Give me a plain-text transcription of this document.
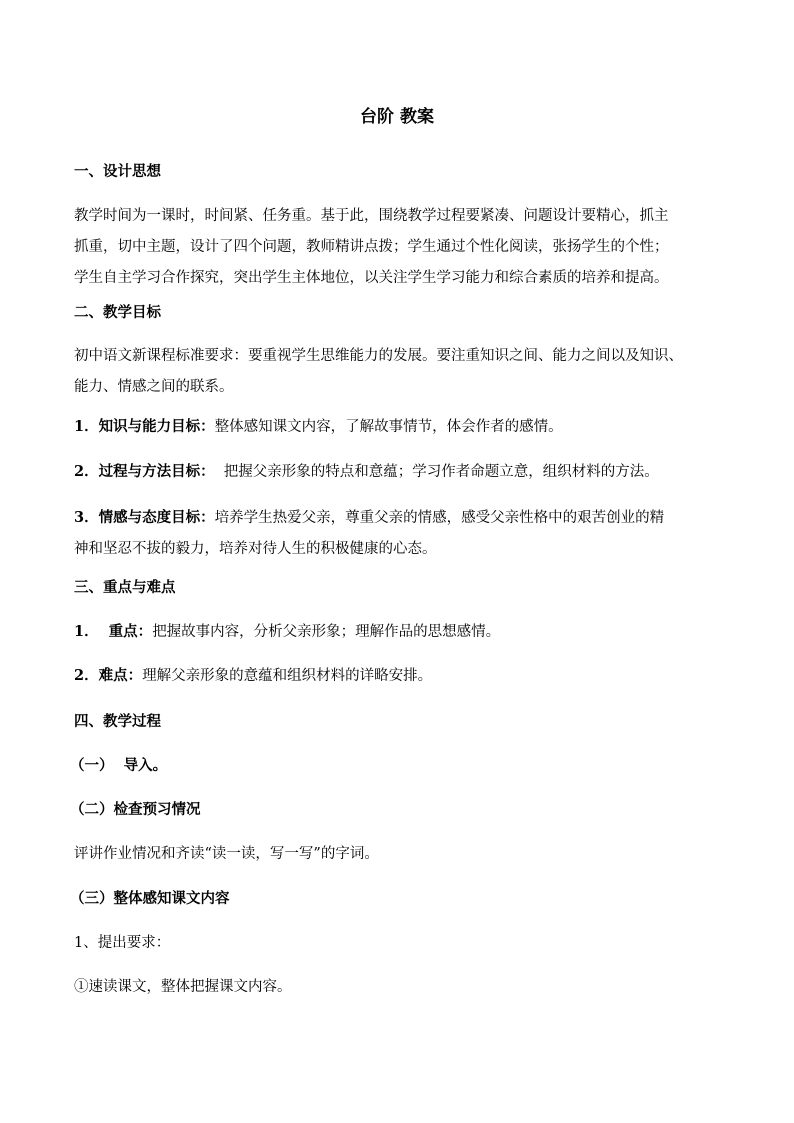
台阶 教案
一、设计思想
教学时间为一课时，时间紧、任务重。基于此，围绕教学过程要紧凑、问题设计要精心，抓主
抓重，切中主题，设计了四个问题，教师精讲点拨；学生通过个性化阅读，张扬学生的个性；
学生自主学习合作探究，突出学生主体地位，以关注学生学习能力和综合素质的培养和提高。
二、教学目标
初中语文新课程标准要求：要重视学生思维能力的发展。要注重知识之间、能力之间以及知识、
能力、情感之间的联系。
1．知识与能力目标：整体感知课文内容，了解故事情节，体会作者的感情。
2．过程与方法目标：  把握父亲形象的特点和意蕴；学习作者命题立意，组织材料的方法。
3．情感与态度目标：培养学生热爱父亲，尊重父亲的情感，感受父亲性格中的艰苦创业的精
神和坚忍不拔的毅力，培养对待人生的积极健康的心态。
三、重点与难点
1．  重点：把握故事内容，分析父亲形象；理解作品的思想感情。
2．难点：理解父亲形象的意蕴和组织材料的详略安排。
四、教学过程
（一）  导入。
（二）检查预习情况
评讲作业情况和齐读“读一读，写一写”的字词。
（三）整体感知课文内容
1、提出要求：
①速读课文，整体把握课文内容。
